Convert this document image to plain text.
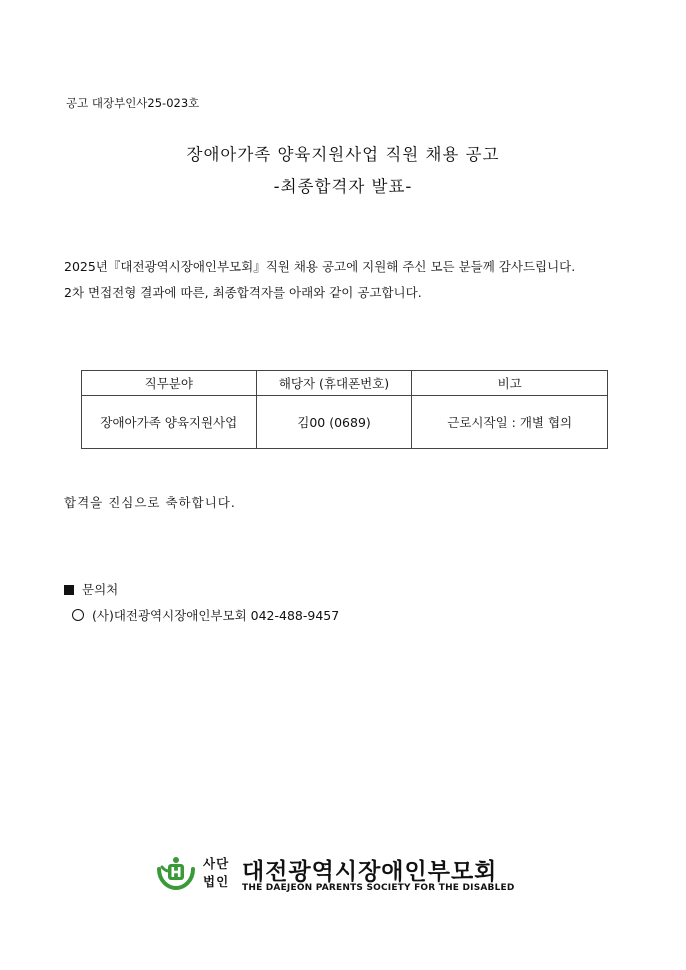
공고 대장부인사25-023호
장애아가족 양육지원사업 직원 채용 공고
-최종합격자 발표-
2025년『대전광역시장애인부모회』직원 채용 공고에 지원해 주신 모든 분들께 감사드립니다.
2차 면접전형 결과에 따른, 최종합격자를 아래와 같이 공고합니다.
직무분야	해당자 (휴대폰번호)	비고
장애아가족 양육지원사업	김00 (0689)	근로시작일 : 개별 협의
합격을 진심으로 축하합니다.
문의처
(사)대전광역시장애인부모회 042-488-9457
사단
법인 대전광역시장애인부모회
THE DAEJEON PARENTS SOCIETY FOR THE DISABLED
